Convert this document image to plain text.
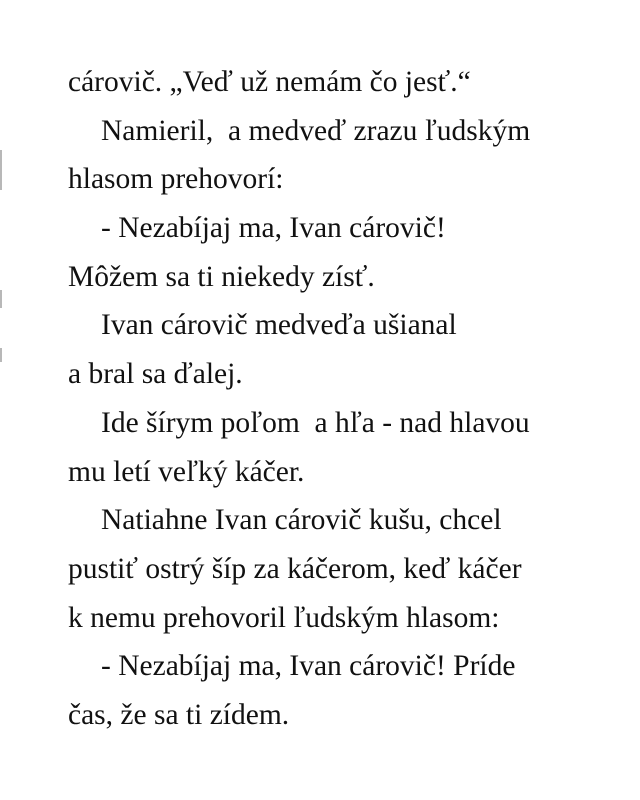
cárovič. „Veď už nemám čo jesť.“
Namieril,  a medveď zrazu ľudským
hlasom prehovorí:
- Nezabíjaj ma, Ivan cárovič!
Môžem sa ti niekedy zísť.
Ivan cárovič medveďa ušianal
a bral sa ďalej.
Ide šírym poľom  a hľa - nad hlavou
mu letí veľký káčer.
Natiahne Ivan cárovič kušu, chcel
pustiť ostrý šíp za káčerom, keď káčer
k nemu prehovoril ľudským hlasom:
- Nezabíjaj ma, Ivan cárovič! Príde
čas, že sa ti zídem.
